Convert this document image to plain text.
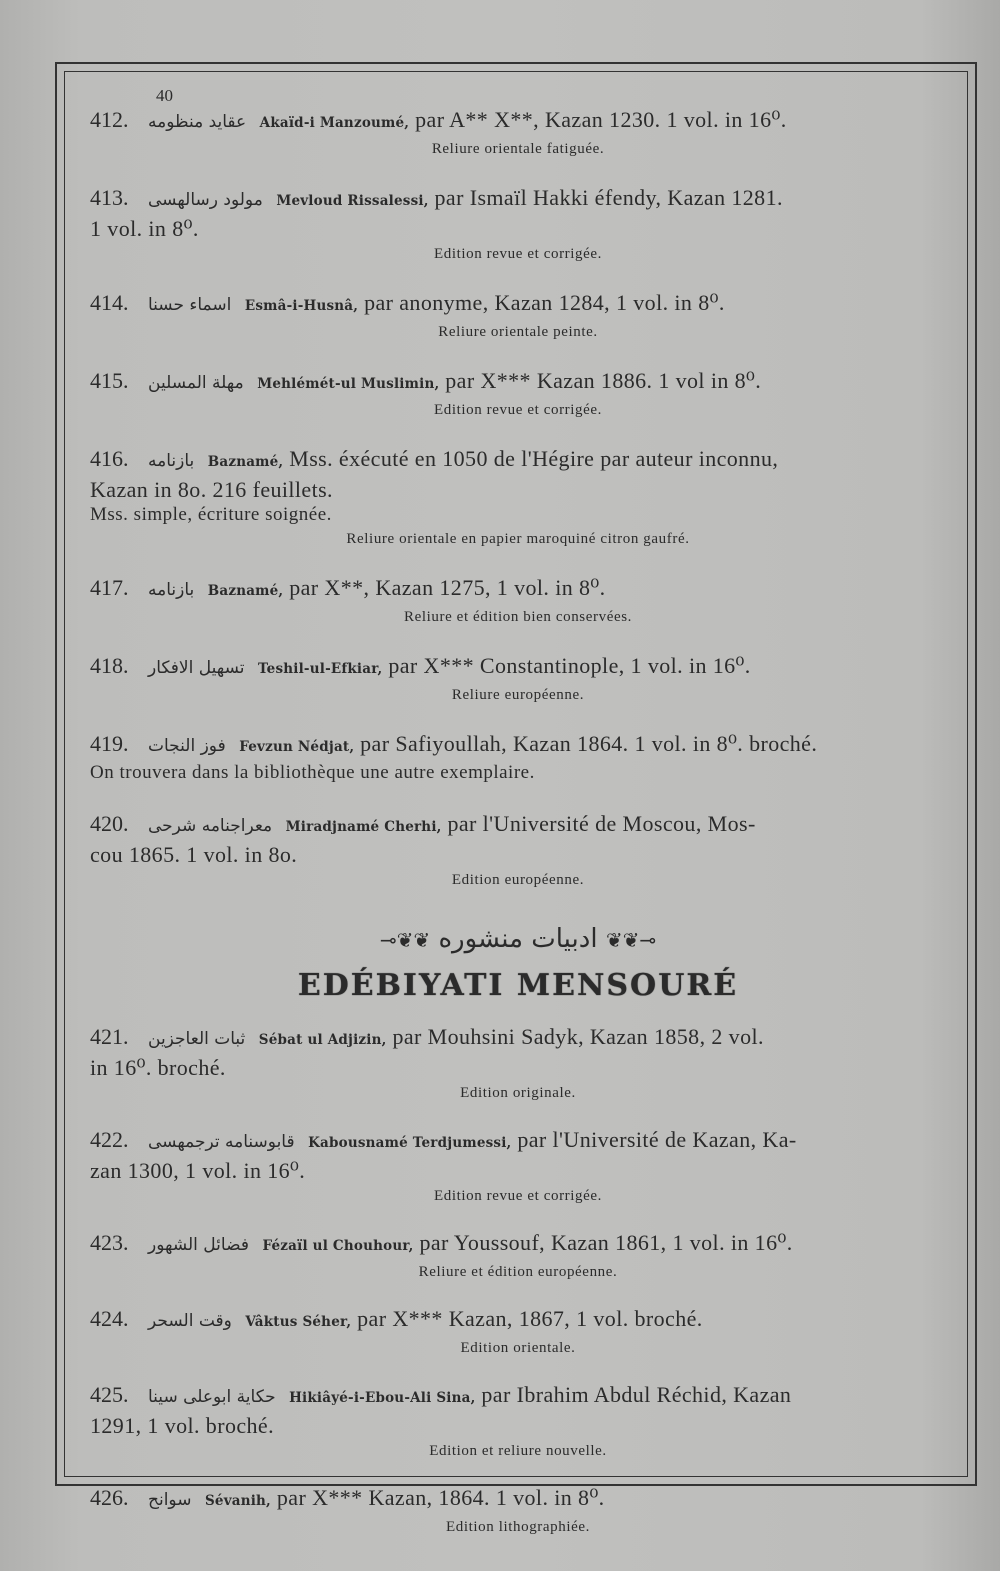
40
412. عقايد منظومه Akaïd-i Manzoumé, par A** X**, Kazan 1230. 1 vol. in 16⁰.
Reliure orientale fatiguée.
413. مولود رسالهسى Mevloud Rissalessi, par Ismaïl Hakki éfendy, Kazan 1281.
1 vol. in 8⁰.
Edition revue et corrigée.
414. اسماء حسنا Esmâ-i-Husnâ, par anonyme, Kazan 1284, 1 vol. in 8⁰.
Reliure orientale peinte.
415. مهلة المسلين Mehlémét-ul Muslimin, par X*** Kazan 1886. 1 vol in 8⁰.
Edition revue et corrigée.
416. بازنامه Baznamé, Mss. éxécuté en 1050 de l'Hégire par auteur inconnu,
Kazan in 8o. 216 feuillets.
Mss. simple, écriture soignée.
Reliure orientale en papier maroquiné citron gaufré.
417. بازنامه Baznamé, par X**, Kazan 1275, 1 vol. in 8⁰.
Reliure et édition bien conservées.
418. تسهيل الافكار Teshil-ul-Efkiar, par X*** Constantinople, 1 vol. in 16⁰.
Reliure européenne.
419. فوز النجات Fevzun Nédjat, par Safiyoullah, Kazan 1864. 1 vol. in 8⁰. broché.
On trouvera dans la bibliothèque une autre exemplaire.
420. معراجنامه شرحى Miradjnamé Cherhi, par l'Université de Moscou, Mos-
cou 1865. 1 vol. in 8o.
Edition européenne.
⊸❦❦ ادبيات منشوره ❦❦⊸
EDÉBIYATI MENSOURÉ
421. ثبات العاجزين Sébat ul Adjizin, par Mouhsini Sadyk, Kazan 1858, 2 vol.
in 16⁰. broché.
Edition originale.
422. قابوسنامه ترجمهسى Kabousnamé Terdjumessi, par l'Université de Kazan, Ka-
zan 1300, 1 vol. in 16⁰.
Edition revue et corrigée.
423. فضائل الشهور Fézaïl ul Chouhour, par Youssouf, Kazan 1861, 1 vol. in 16⁰.
Reliure et édition européenne.
424. وقت السحر Vâktus Séher, par X*** Kazan, 1867, 1 vol. broché.
Edition orientale.
425. حكاية ابوعلى سينا Hikiâyé-i-Ebou-Ali Sina, par Ibrahim Abdul Réchid, Kazan
1291, 1 vol. broché.
Edition et reliure nouvelle.
426. سوانح Sévanih, par X*** Kazan, 1864. 1 vol. in 8⁰.
Edition lithographiée.
